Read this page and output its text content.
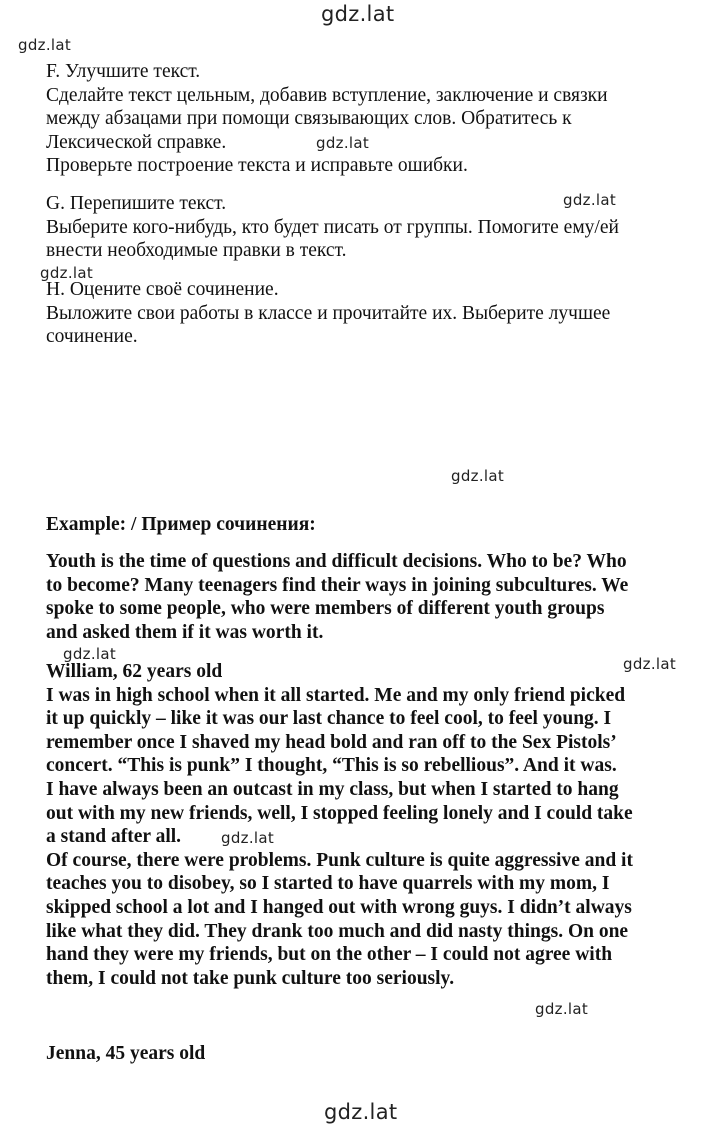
gdz.lat
gdz.lat
gdz.lat
gdz.lat
gdz.lat
gdz.lat
gdz.lat
gdz.lat
gdz.lat
gdz.lat
gdz.lat
F. Улучшите текст.
Сделайте текст цельным, добавив вступление, заключение и связки
между абзацами при помощи связывающих слов. Обратитесь к
Лексической справке.
Проверьте построение текста и исправьте ошибки.
G. Перепишите текст.
Выберите кого-нибудь, кто будет писать от группы. Помогите ему/ей
внести необходимые правки в текст.
H. Оцените своё сочинение.
Выложите свои работы в классе и прочитайте их. Выберите лучшее
сочинение.
Example: / Пример сочинения:
Youth is the time of questions and difficult decisions. Who to be? Who
to become? Many teenagers find their ways in joining subcultures. We
spoke to some people, who were members of different youth groups
and asked them if it was worth it.
William, 62 years old
I was in high school when it all started. Me and my only friend picked
it up quickly – like it was our last chance to feel cool, to feel young. I
remember once I shaved my head bold and ran off to the Sex Pistols’
concert. “This is punk” I thought, “This is so rebellious”. And it was.
I have always been an outcast in my class, but when I started to hang
out with my new friends, well, I stopped feeling lonely and I could take
a stand after all.
Of course, there were problems. Punk culture is quite aggressive and it
teaches you to disobey, so I started to have quarrels with my mom, I
skipped school a lot and I hanged out with wrong guys. I didn’t always
like what they did. They drank too much and did nasty things. On one
hand they were my friends, but on the other – I could not agree with
them, I could not take punk culture too seriously.
Jenna, 45 years old
